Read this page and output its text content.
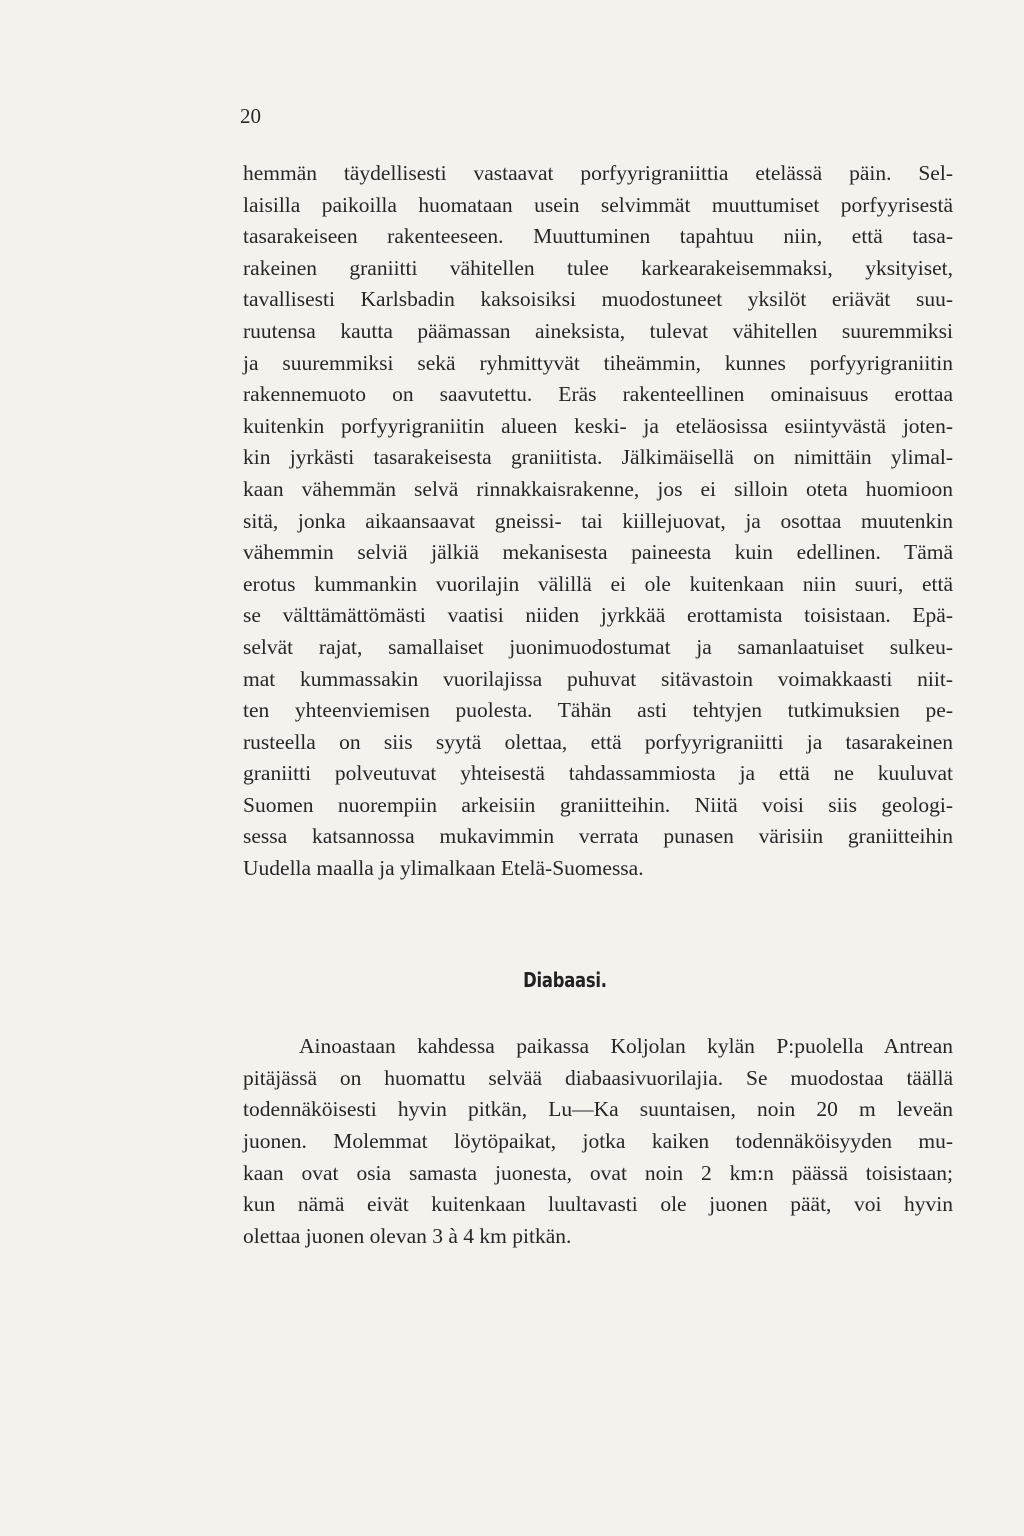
20
hemmän täydellisesti vastaavat porfyyrigraniittia etelässä päin. Sel-
laisilla paikoilla huomataan usein selvimmät muuttumiset porfyyrisestä
tasarakeiseen rakenteeseen. Muuttuminen tapahtuu niin, että tasa-
rakeinen graniitti vähitellen tulee karkearakeisemmaksi, yksityiset,
tavallisesti Karlsbadin kaksoisiksi muodostuneet yksilöt eriävät suu-
ruutensa kautta päämassan aineksista, tulevat vähitellen suuremmiksi
ja suuremmiksi sekä ryhmittyvät tiheämmin, kunnes porfyyrigraniitin
rakennemuoto on saavutettu. Eräs rakenteellinen ominaisuus erottaa
kuitenkin porfyyrigraniitin alueen keski- ja eteläosissa esiintyvästä joten-
kin jyrkästi tasarakeisesta graniitista. Jälkimäisellä on nimittäin ylimal-
kaan vähemmän selvä rinnakkaisrakenne, jos ei silloin oteta huomioon
sitä, jonka aikaansaavat gneissi- tai kiillejuovat, ja osottaa muutenkin
vähemmin selviä jälkiä mekanisesta paineesta kuin edellinen. Tämä
erotus kummankin vuorilajin välillä ei ole kuitenkaan niin suuri, että
se välttämättömästi vaatisi niiden jyrkkää erottamista toisistaan. Epä-
selvät rajat, samallaiset juonimuodostumat ja samanlaatuiset sulkeu-
mat kummassakin vuorilajissa puhuvat sitävastoin voimakkaasti niit-
ten yhteenviemisen puolesta. Tähän asti tehtyjen tutkimuksien pe-
rusteella on siis syytä olettaa, että porfyyrigraniitti ja tasarakeinen
graniitti polveutuvat yhteisestä tahdassammiosta ja että ne kuuluvat
Suomen nuorempiin arkeisiin graniitteihin. Niitä voisi siis geologi-
sessa katsannossa mukavimmin verrata punasen värisiin graniitteihin
Uudella maalla ja ylimalkaan Etelä-Suomessa.
Diabaasi.
Ainoastaan kahdessa paikassa Koljolan kylän P:puolella Antrean
pitäjässä on huomattu selvää diabaasivuorilajia. Se muodostaa täällä
todennäköisesti hyvin pitkän, Lu—Ka suuntaisen, noin 20 m leveän
juonen. Molemmat löytöpaikat, jotka kaiken todennäköisyyden mu-
kaan ovat osia samasta juonesta, ovat noin 2 km:n päässä toisistaan;
kun nämä eivät kuitenkaan luultavasti ole juonen päät, voi hyvin
olettaa juonen olevan 3 à 4 km pitkän.
